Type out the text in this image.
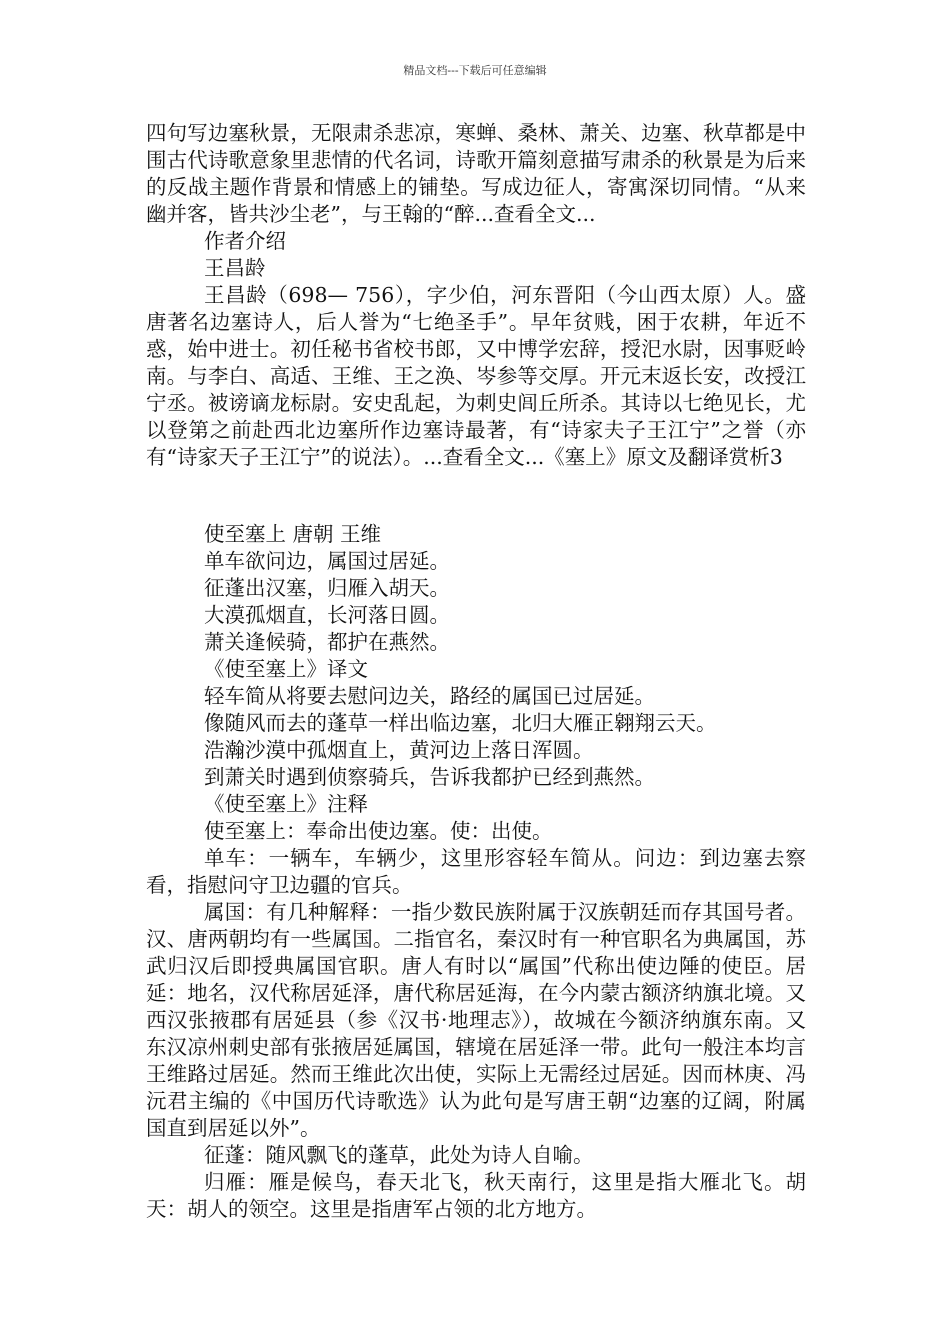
精品文档---下载后可任意编辑

四句写边塞秋景，无限肃杀悲凉，寒蝉、桑林、萧关、边塞、秋草都是中围古代诗歌意象里悲情的代名词，诗歌开篇刻意描写肃杀的秋景是为后来的反战主题作背景和情感上的铺垫。写成边征人，寄寓深切同情。“从来幽并客，皆共沙尘老”，与王翰的“醉...查看全文...

作者介绍

王昌龄

王昌龄（698— 756），字少伯，河东晋阳（今山西太原）人。盛唐著名边塞诗人，后人誉为“七绝圣手”。早年贫贱，困于农耕，年近不惑，始中进士。初任秘书省校书郎，又中博学宏辞，授汜水尉，因事贬岭南。与李白、高适、王维、王之涣、岑参等交厚。开元末返长安，改授江宁丞。被谤谪龙标尉。安史乱起，为刺史闾丘所杀。其诗以七绝见长，尤以登第之前赴西北边塞所作边塞诗最著，有“诗家夫子王江宁”之誉（亦有“诗家天子王江宁”的说法）。...查看全文...《塞上》原文及翻译赏析3

使至塞上 唐朝 王维

单车欲问边，属国过居延。

征蓬出汉塞，归雁入胡天。

大漠孤烟直，长河落日圆。

萧关逢候骑，都护在燕然。

《使至塞上》译文

轻车简从将要去慰问边关，路经的属国已过居延。

像随风而去的蓬草一样出临边塞，北归大雁正翱翔云天。

浩瀚沙漠中孤烟直上，黄河边上落日浑圆。

到萧关时遇到侦察骑兵，告诉我都护已经到燕然。

《使至塞上》注释

使至塞上：奉命出使边塞。使：出使。

单车：一辆车，车辆少，这里形容轻车简从。问边：到边塞去察看，指慰问守卫边疆的官兵。

属国：有几种解释：一指少数民族附属于汉族朝廷而存其国号者。汉、唐两朝均有一些属国。二指官名，秦汉时有一种官职名为典属国，苏武归汉后即授典属国官职。唐人有时以“属国”代称出使边陲的使臣。居延：地名，汉代称居延泽，唐代称居延海，在今内蒙古额济纳旗北境。又西汉张掖郡有居延县（参《汉书·地理志》），故城在今额济纳旗东南。又东汉凉州刺史部有张掖居延属国，辖境在居延泽一带。此句一般注本均言王维路过居延。然而王维此次出使，实际上无需经过居延。因而林庚、冯沅君主编的《中国历代诗歌选》认为此句是写唐王朝“边塞的辽阔，附属国直到居延以外”。

征蓬：随风飘飞的蓬草，此处为诗人自喻。

归雁：雁是候鸟，春天北飞，秋天南行，这里是指大雁北飞。胡天：胡人的领空。这里是指唐军占领的北方地方。
